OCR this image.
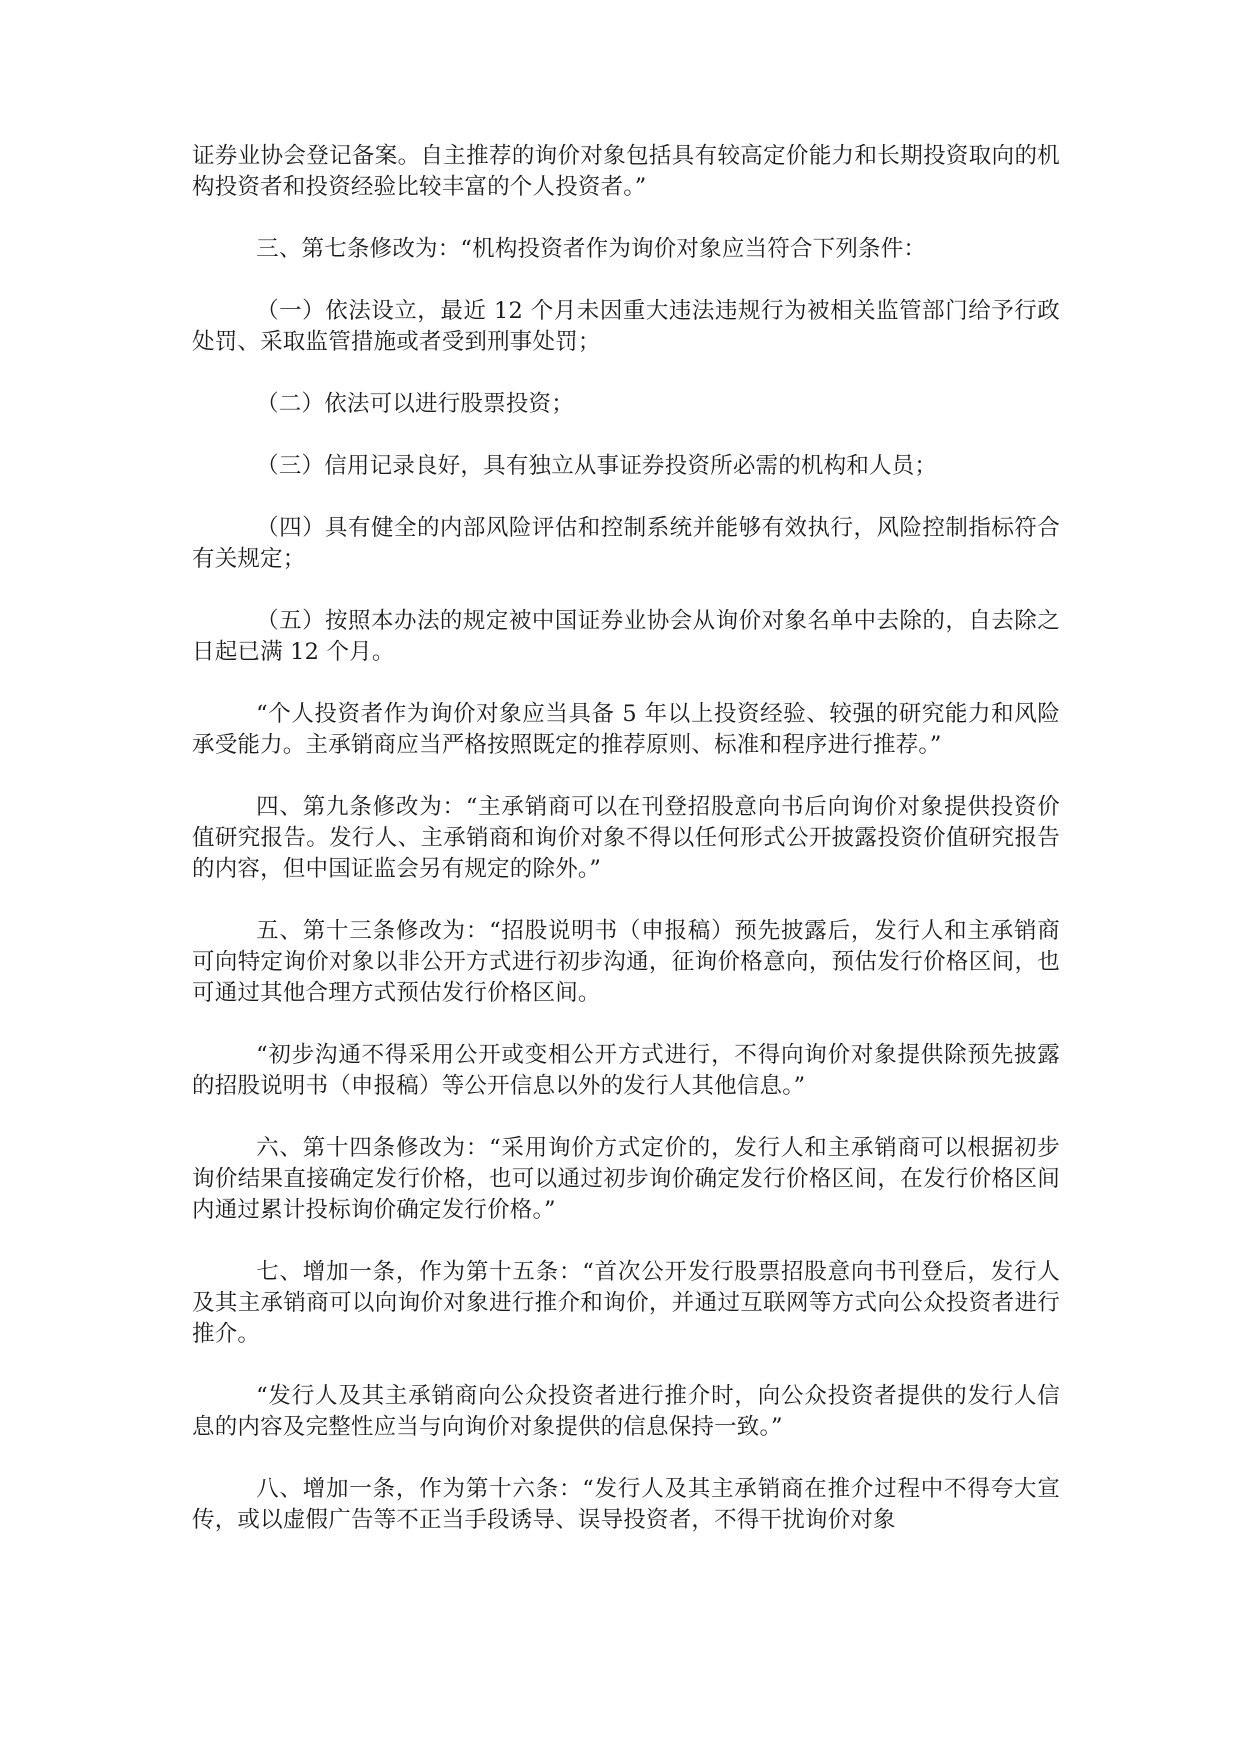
证券业协会登记备案。自主推荐的询价对象包括具有较高定价能力和长期投资取向的机构投资者和投资经验比较丰富的个人投资者。”

三、第七条修改为：“机构投资者作为询价对象应当符合下列条件：

（一）依法设立，最近 12 个月未因重大违法违规行为被相关监管部门给予行政处罚、采取监管措施或者受到刑事处罚；

（二）依法可以进行股票投资；

（三）信用记录良好，具有独立从事证券投资所必需的机构和人员；

（四）具有健全的内部风险评估和控制系统并能够有效执行，风险控制指标符合有关规定；

（五）按照本办法的规定被中国证券业协会从询价对象名单中去除的，自去除之日起已满 12 个月。

“个人投资者作为询价对象应当具备 5 年以上投资经验、较强的研究能力和风险承受能力。主承销商应当严格按照既定的推荐原则、标准和程序进行推荐。”

四、第九条修改为：“主承销商可以在刊登招股意向书后向询价对象提供投资价值研究报告。发行人、主承销商和询价对象不得以任何形式公开披露投资价值研究报告的内容，但中国证监会另有规定的除外。”

五、第十三条修改为：“招股说明书（申报稿）预先披露后，发行人和主承销商可向特定询价对象以非公开方式进行初步沟通，征询价格意向，预估发行价格区间，也可通过其他合理方式预估发行价格区间。

“初步沟通不得采用公开或变相公开方式进行，不得向询价对象提供除预先披露的招股说明书（申报稿）等公开信息以外的发行人其他信息。”

六、第十四条修改为：“采用询价方式定价的，发行人和主承销商可以根据初步询价结果直接确定发行价格，也可以通过初步询价确定发行价格区间，在发行价格区间内通过累计投标询价确定发行价格。”

七、增加一条，作为第十五条：“首次公开发行股票招股意向书刊登后，发行人及其主承销商可以向询价对象进行推介和询价，并通过互联网等方式向公众投资者进行推介。

“发行人及其主承销商向公众投资者进行推介时，向公众投资者提供的发行人信息的内容及完整性应当与向询价对象提供的信息保持一致。”

八、增加一条，作为第十六条：“发行人及其主承销商在推介过程中不得夸大宣传，或以虚假广告等不正当手段诱导、误导投资者，不得干扰询价对象
